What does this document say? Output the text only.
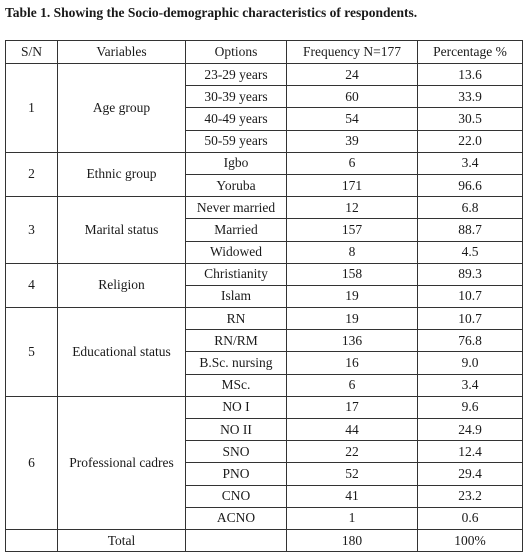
Table 1. Showing the Socio-demographic characteristics of respondents.
S/N	Variables	Options	Frequency N=177	Percentage %
1	Age group	23-29 years	24	13.6
		30-39 years	60	33.9
		40-49 years	54	30.5
		50-59 years	39	22.0
2	Ethnic group	Igbo	6	3.4
		Yoruba	171	96.6
3	Marital status	Never married	12	6.8
		Married	157	88.7
		Widowed	8	4.5
4	Religion	Christianity	158	89.3
		Islam	19	10.7
5	Educational status	RN	19	10.7
		RN/RM	136	76.8
		B.Sc. nursing	16	9.0
		MSc.	6	3.4
6	Professional cadres	NO I	17	9.6
		NO II	44	24.9
		SNO	22	12.4
		PNO	52	29.4
		CNO	41	23.2
		ACNO	1	0.6
	Total		180	100%
